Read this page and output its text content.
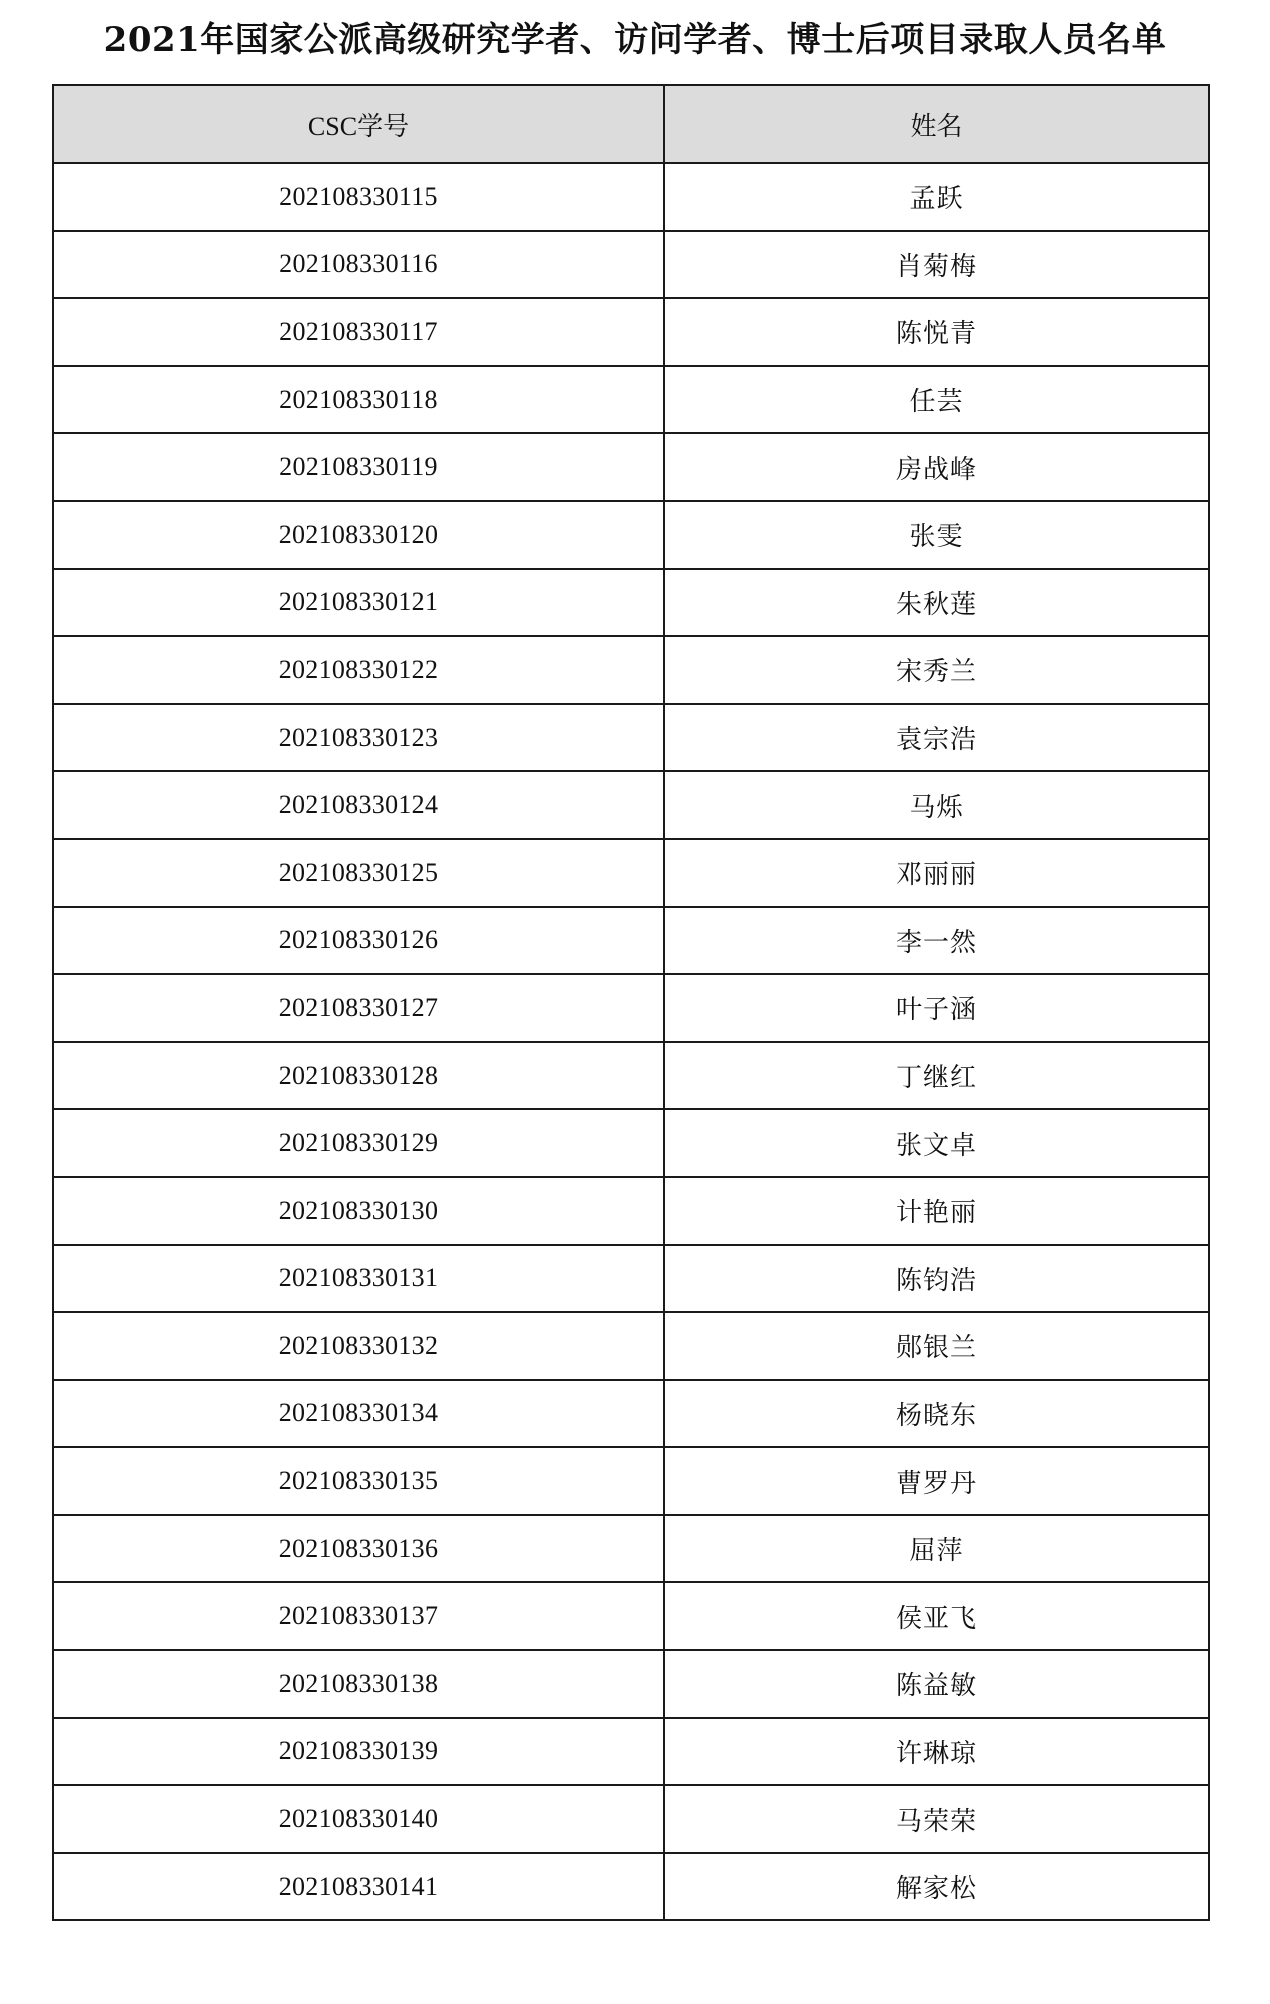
2021年国家公派高级研究学者、访问学者、博士后项目录取人员名单
CSC学号	姓名
202108330115	孟跃
202108330116	肖菊梅
202108330117	陈悦青
202108330118	任芸
202108330119	房战峰
202108330120	张雯
202108330121	朱秋莲
202108330122	宋秀兰
202108330123	袁宗浩
202108330124	马烁
202108330125	邓丽丽
202108330126	李一然
202108330127	叶子涵
202108330128	丁继红
202108330129	张文卓
202108330130	计艳丽
202108330131	陈钧浩
202108330132	郧银兰
202108330134	杨晓东
202108330135	曹罗丹
202108330136	屈萍
202108330137	侯亚飞
202108330138	陈益敏
202108330139	许琳琼
202108330140	马荣荣
202108330141	解家松
